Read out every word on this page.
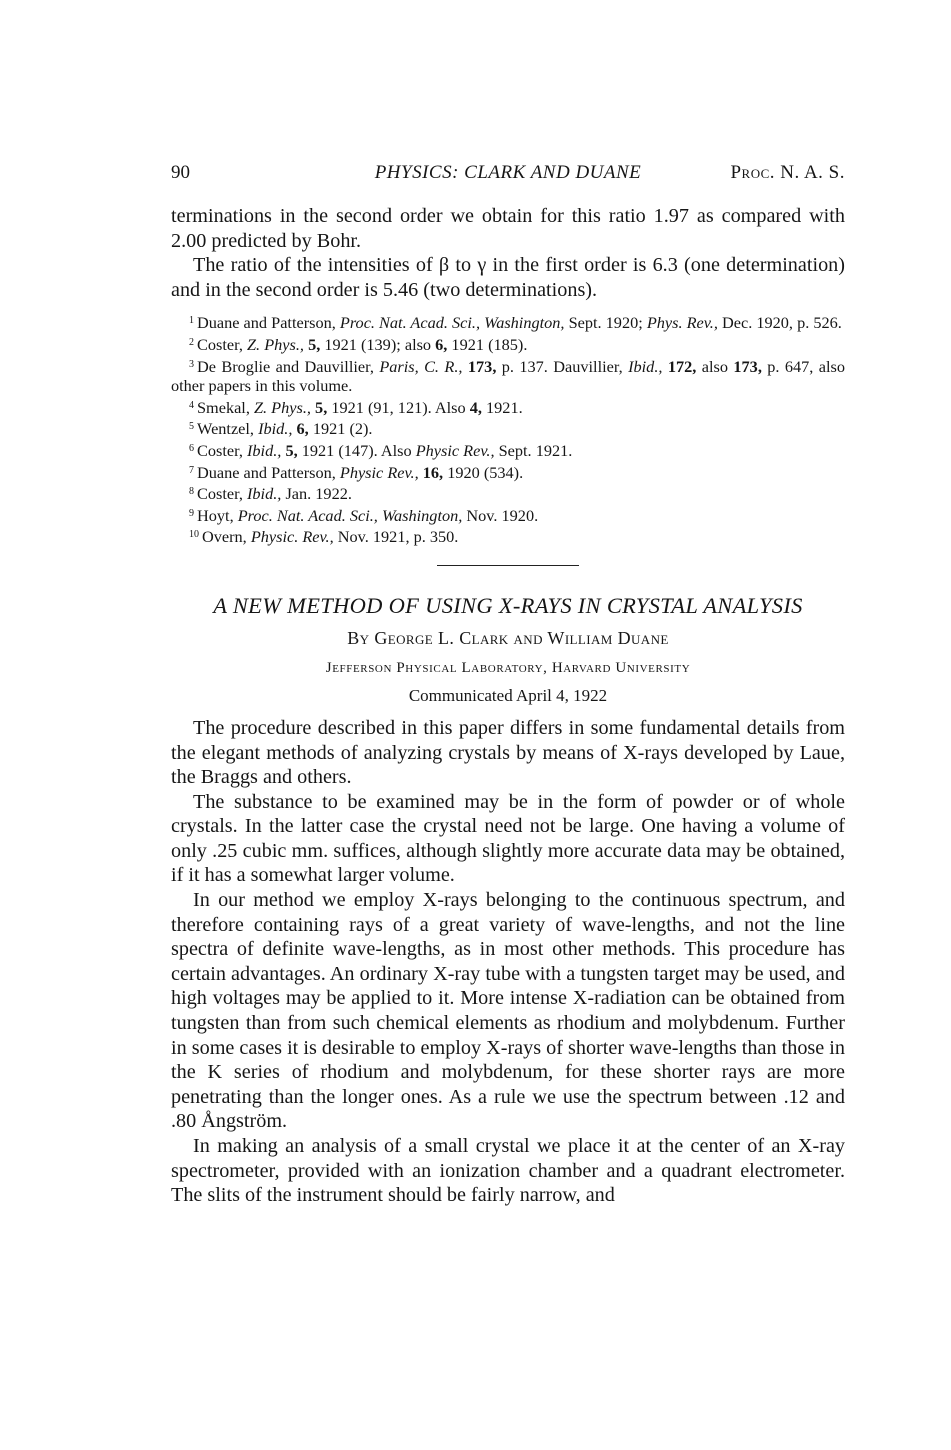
90	PHYSICS: CLARK AND DUANE	Proc. N. A. S.

terminations in the second order we obtain for this ratio 1.97 as compared with 2.00 predicted by Bohr.

The ratio of the intensities of β to γ in the first order is 6.3 (one determination) and in the second order is 5.46 (two determinations).

$^1$ Duane and Patterson, Proc. Nat. Acad. Sci., Washington, Sept. 1920; Phys. Rev., Dec. 1920, p. 526.

$^2$ Coster, Z. Phys., 5, 1921 (139); also 6, 1921 (185).

$^3$ De Broglie and Dauvillier, Paris, C. R., 173, p. 137. Dauvillier, Ibid., 172, also 173, p. 647, also other papers in this volume.

$^4$ Smekal, Z. Phys., 5, 1921 (91, 121). Also 4, 1921.

$^5$ Wentzel, Ibid., 6, 1921 (2).

$^6$ Coster, Ibid., 5, 1921 (147). Also Physic Rev., Sept. 1921.

$^7$ Duane and Patterson, Physic Rev., 16, 1920 (534).

$^8$ Coster, Ibid., Jan. 1922.

$^9$ Hoyt, Proc. Nat. Acad. Sci., Washington, Nov. 1920.

$^{10}$ Overn, Physic. Rev., Nov. 1921, p. 350.

A NEW METHOD OF USING X-RAYS IN CRYSTAL ANALYSIS
By George L. Clark and William Duane
Jefferson Physical Laboratory, Harvard University
Communicated April 4, 1922

The procedure described in this paper differs in some fundamental details from the elegant methods of analyzing crystals by means of X-rays developed by Laue, the Braggs and others.

The substance to be examined may be in the form of powder or of whole crystals. In the latter case the crystal need not be large. One having a volume of only .25 cubic mm. suffices, although slightly more accurate data may be obtained, if it has a somewhat larger volume.

In our method we employ X-rays belonging to the continuous spectrum, and therefore containing rays of a great variety of wave-lengths, and not the line spectra of definite wave-lengths, as in most other methods. This procedure has certain advantages. An ordinary X-ray tube with a tungsten target may be used, and high voltages may be applied to it. More intense X-radiation can be obtained from tungsten than from such chemical elements as rhodium and molybdenum. Further in some cases it is desirable to employ X-rays of shorter wave-lengths than those in the K series of rhodium and molybdenum, for these shorter rays are more penetrating than the longer ones. As a rule we use the spectrum between .12 and .80 Ångström.

In making an analysis of a small crystal we place it at the center of an X-ray spectrometer, provided with an ionization chamber and a quadrant electrometer. The slits of the instrument should be fairly narrow, and
